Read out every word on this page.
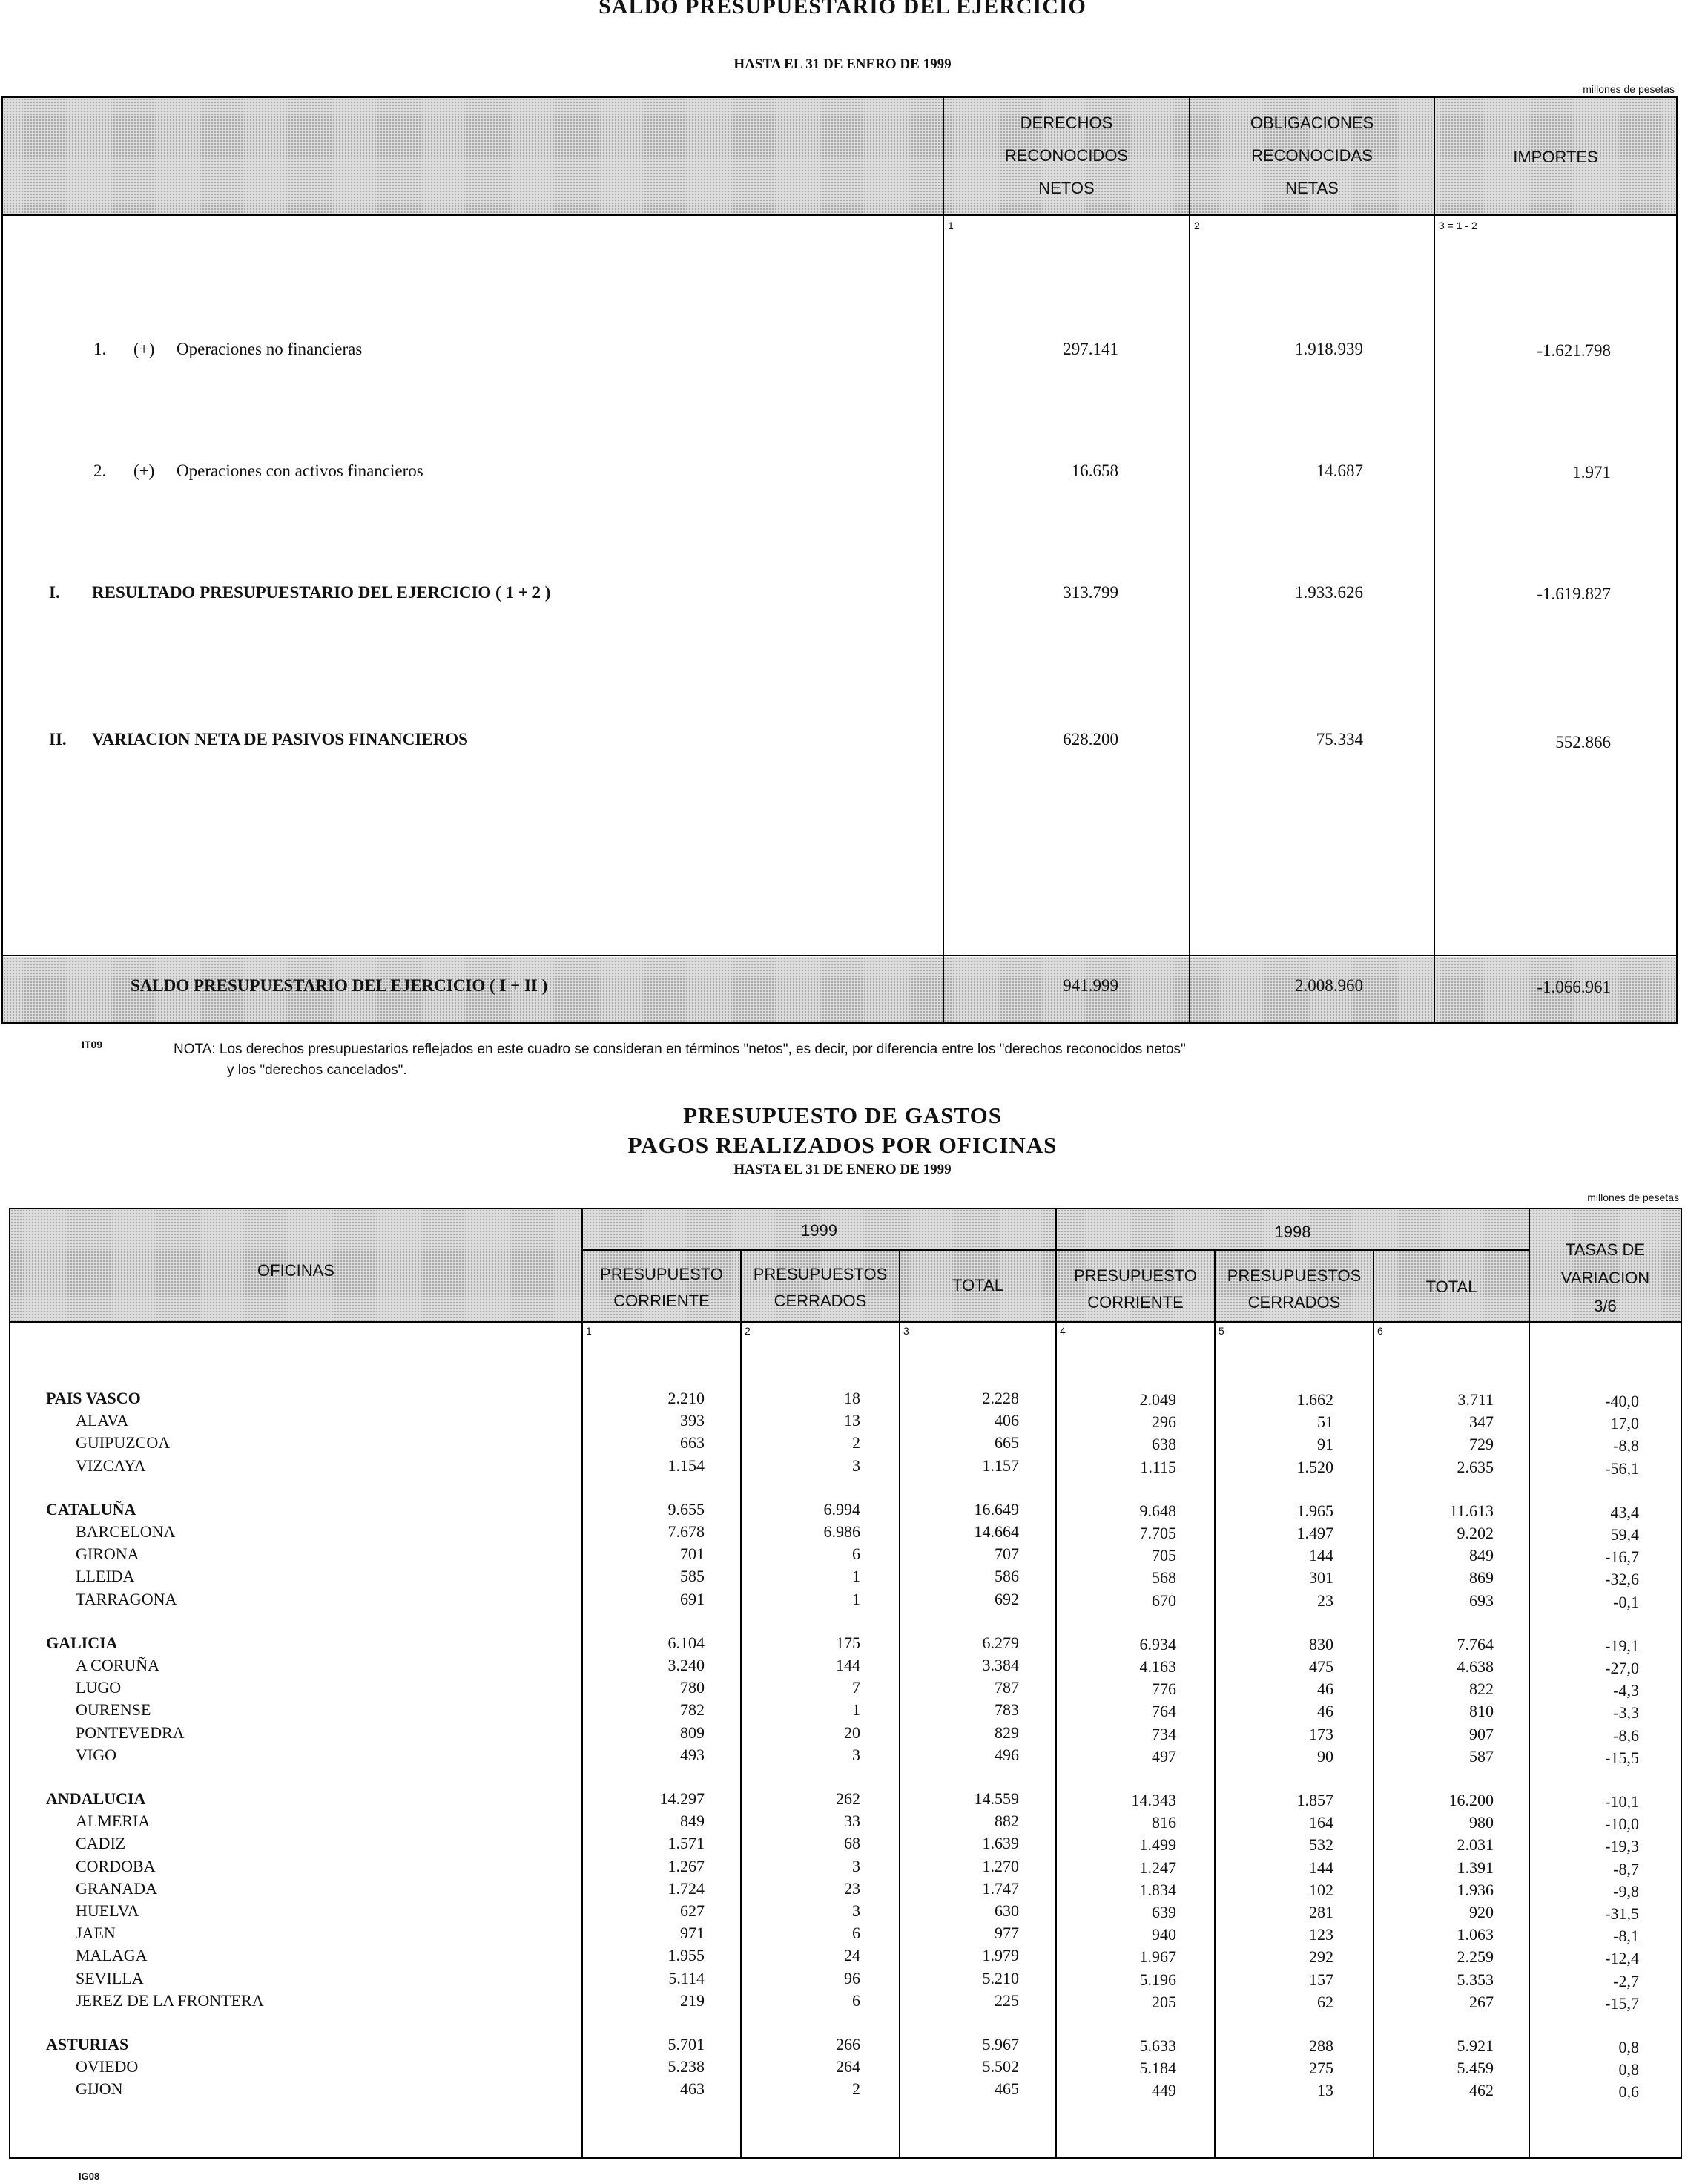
SALDO PRESUPUESTARIO DEL EJERCICIO
HASTA EL 31 DE ENERO DE 1999
millones de pesetas
DERECHOS
RECONOCIDOS
NETOS
OBLIGACIONES
RECONOCIDAS
NETAS
IMPORTES
1	2	3 = 1 - 2
1. (+) Operaciones no financieras	297.141	1.918.939	-1.621.798
2. (+) Operaciones con activos financieros	16.658	14.687	1.971
I. RESULTADO PRESUPUESTARIO DEL EJERCICIO ( 1 + 2 )	313.799	1.933.626	-1.619.827
II. VARIACION NETA DE PASIVOS FINANCIEROS	628.200	75.334	552.866
SALDO PRESUPUESTARIO DEL EJERCICIO ( I + II )	941.999	2.008.960	-1.066.961
IT09	NOTA: Los derechos presupuestarios reflejados en este cuadro se consideran en términos "netos", es decir, por diferencia entre los "derechos reconocidos netos"
y los "derechos cancelados".
PRESUPUESTO DE GASTOS
PAGOS REALIZADOS POR OFICINAS
HASTA EL 31 DE ENERO DE 1999
millones de pesetas
OFICINAS
1999	1998
PRESUPUESTO
CORRIENTE
PRESUPUESTOS
CERRADOS
TOTAL
PRESUPUESTO
CORRIENTE
PRESUPUESTOS
CERRADOS
TOTAL
TASAS DE
VARIACION
3/6
1	2	3	4	5	6
PAIS VASCO	2.210	18	2.228	2.049	1.662	3.711	-40,0
ALAVA	393	13	406	296	51	347	17,0
GUIPUZCOA	663	2	665	638	91	729	-8,8
VIZCAYA	1.154	3	1.157	1.115	1.520	2.635	-56,1
CATALUÑA	9.655	6.994	16.649	9.648	1.965	11.613	43,4
BARCELONA	7.678	6.986	14.664	7.705	1.497	9.202	59,4
GIRONA	701	6	707	705	144	849	-16,7
LLEIDA	585	1	586	568	301	869	-32,6
TARRAGONA	691	1	692	670	23	693	-0,1
GALICIA	6.104	175	6.279	6.934	830	7.764	-19,1
A CORUÑA	3.240	144	3.384	4.163	475	4.638	-27,0
LUGO	780	7	787	776	46	822	-4,3
OURENSE	782	1	783	764	46	810	-3,3
PONTEVEDRA	809	20	829	734	173	907	-8,6
VIGO	493	3	496	497	90	587	-15,5
ANDALUCIA	14.297	262	14.559	14.343	1.857	16.200	-10,1
ALMERIA	849	33	882	816	164	980	-10,0
CADIZ	1.571	68	1.639	1.499	532	2.031	-19,3
CORDOBA	1.267	3	1.270	1.247	144	1.391	-8,7
GRANADA	1.724	23	1.747	1.834	102	1.936	-9,8
HUELVA	627	3	630	639	281	920	-31,5
JAEN	971	6	977	940	123	1.063	-8,1
MALAGA	1.955	24	1.979	1.967	292	2.259	-12,4
SEVILLA	5.114	96	5.210	5.196	157	5.353	-2,7
JEREZ DE LA FRONTERA	219	6	225	205	62	267	-15,7
ASTURIAS	5.701	266	5.967	5.633	288	5.921	0,8
OVIEDO	5.238	264	5.502	5.184	275	5.459	0,8
GIJON	463	2	465	449	13	462	0,6
IG08
